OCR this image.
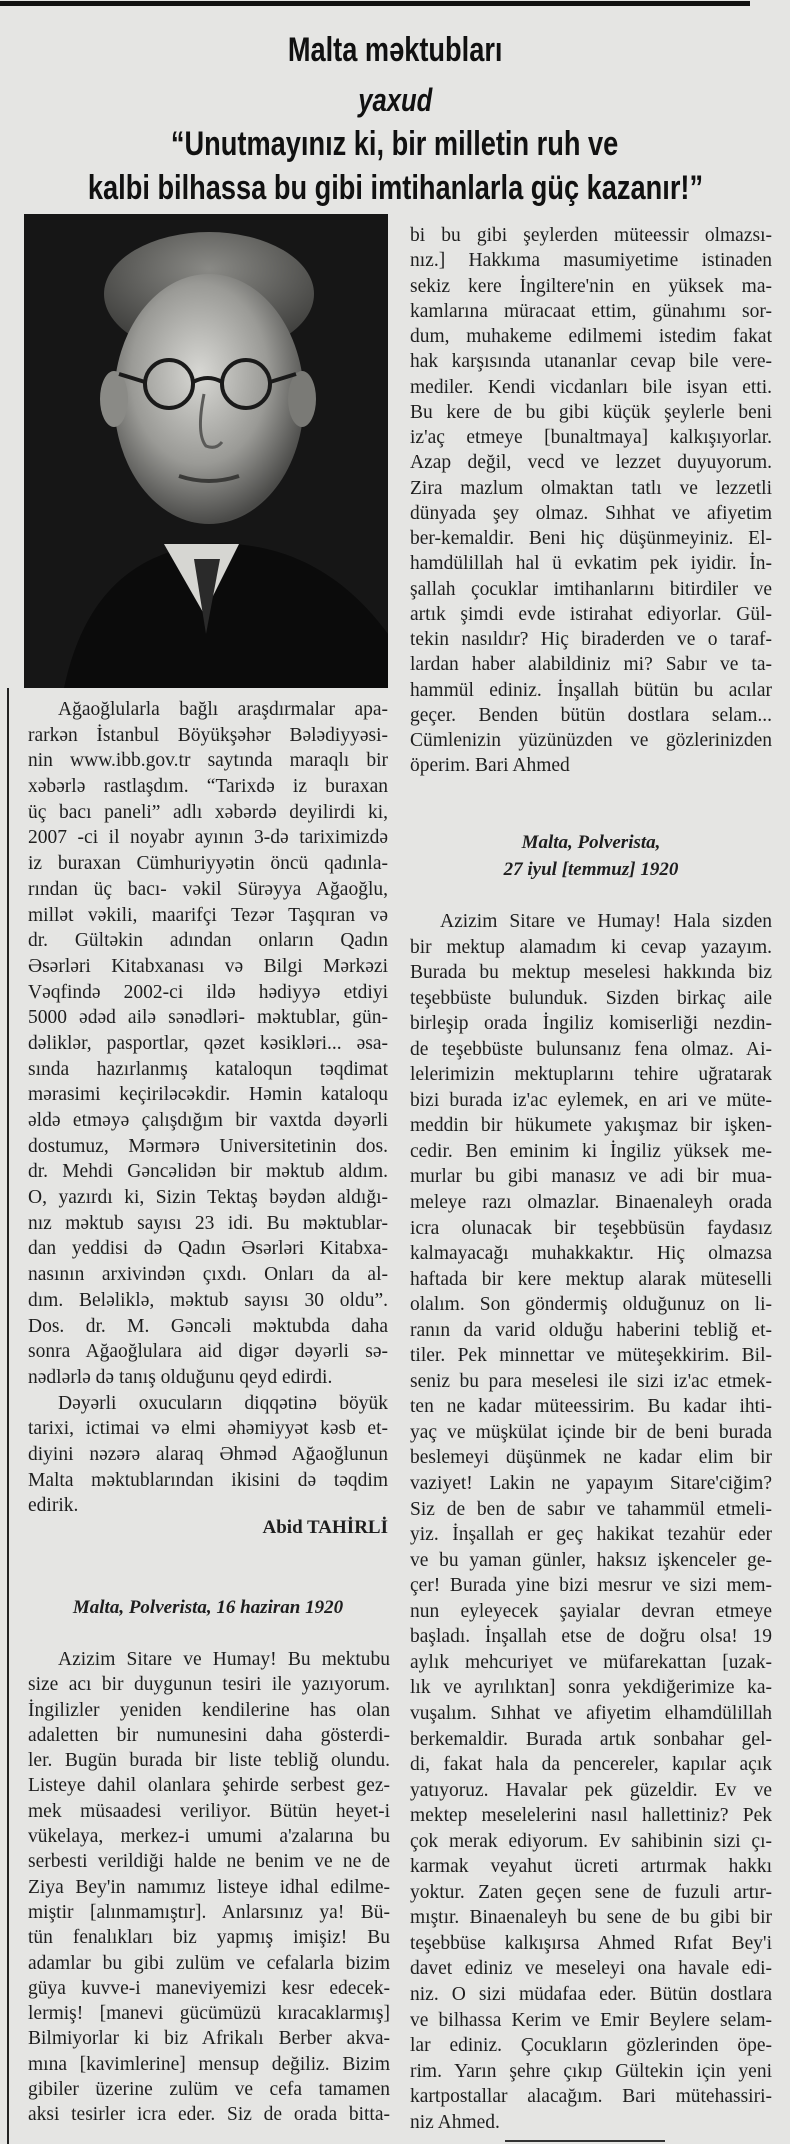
Malta məktubları
yaxud
“Unutmayınız ki, bir milletin ruh ve
kalbi bilhassa bu gibi imtihanlarla güç kazanır!”
Ağaoğlularla bağlı araşdırmalar apa-
rarkən İstanbul Böyükşəhər Bələdiyyəsi-
nin www.ibb.gov.tr saytında maraqlı bir
xəbərlə rastlaşdım. “Tarixdə iz buraxan
üç bacı paneli” adlı xəbərdə deyilirdi ki,
2007 -ci il noyabr ayının 3-də tariximizdə
iz buraxan Cümhuriyyətin öncü qadınla-
rından üç bacı- vəkil Sürəyya Ağaoğlu,
millət vəkili, maarifçi Tezər Taşqıran və
dr. Gültəkin adından onların Qadın
Əsərləri Kitabxanası və Bilgi Mərkəzi
Vəqfində 2002-ci ildə hədiyyə etdiyi
5000 ədəd ailə sənədləri- məktublar, gün-
dəliklər, pasportlar, qəzet kəsikləri... əsa-
sında hazırlanmış kataloqun təqdimat
mərasimi keçiriləcəkdir. Həmin kataloqu
əldə etməyə çalışdığım bir vaxtda dəyərli
dostumuz, Mərmərə Universitetinin dos.
dr. Mehdi Gəncəlidən bir məktub aldım.
O, yazırdı ki, Sizin Tektaş bəydən aldığı-
nız məktub sayısı 23 idi. Bu məktublar-
dan yeddisi də Qadın Əsərləri Kitabxa-
nasının arxivindən çıxdı. Onları da al-
dım. Beləliklə, məktub sayısı 30 oldu”.
Dos. dr. M. Gəncəli məktubda daha
sonra Ağaoğlulara aid digər dəyərli sə-
nədlərlə də tanış olduğunu qeyd edirdi.
Dəyərli oxucuların diqqətinə böyük
tarixi, ictimai və elmi əhəmiyyət kəsb et-
diyini nəzərə alaraq Əhməd Ağaoğlunun
Malta məktublarından ikisini də təqdim
edirik.
Abid TAHİRLİ
Malta, Polverista, 16 haziran 1920
Azizim Sitare ve Humay! Bu mektubu
size acı bir duygunun tesiri ile yazıyorum.
İngilizler yeniden kendilerine has olan
adaletten bir numunesini daha gösterdi-
ler. Bugün burada bir liste tebliğ olundu.
Listeye dahil olanlara şehirde serbest gez-
mek müsaadesi veriliyor. Bütün heyet-i
vükelaya, merkez-i umumi a'zalarına bu
serbesti verildiği halde ne benim ve ne de
Ziya Bey'in namımız listeye idhal edilme-
miştir [alınmamıştır]. Anlarsınız ya! Bü-
tün fenalıkları biz yapmış imişiz! Bu
adamlar bu gibi zulüm ve cefalarla bizim
güya kuvve-i maneviyemizi kesr edecek-
lermiş! [manevi gücümüzü kıracaklarmış]
Bilmiyorlar ki biz Afrikalı Berber akva-
mına [kavimlerine] mensup değiliz. Bizim
gibiler üzerine zulüm ve cefa tamamen
aksi tesirler icra eder. Siz de orada bitta-
bi bu gibi şeylerden müteessir olmazsı-
nız.] Hakkıma masumiyetime istinaden
sekiz kere İngiltere'nin en yüksek ma-
kamlarına müracaat ettim, günahımı sor-
dum, muhakeme edilmemi istedim fakat
hak karşısında utananlar cevap bile vere-
mediler. Kendi vicdanları bile isyan etti.
Bu kere de bu gibi küçük şeylerle beni
iz'aç etmeye [bunaltmaya] kalkışıyorlar.
Azap değil, vecd ve lezzet duyuyorum.
Zira mazlum olmaktan tatlı ve lezzetli
dünyada şey olmaz. Sıhhat ve afiyetim
ber-kemaldir. Beni hiç düşünmeyiniz. El-
hamdülillah hal ü evkatim pek iyidir. İn-
şallah çocuklar imtihanlarını bitirdiler ve
artık şimdi evde istirahat ediyorlar. Gül-
tekin nasıldır? Hiç biraderden ve o taraf-
lardan haber alabildiniz mi? Sabır ve ta-
hammül ediniz. İnşallah bütün bu acılar
geçer. Benden bütün dostlara selam...
Cümlenizin yüzünüzden ve gözlerinizden
öperim. Bari Ahmed
Malta, Polverista,
27 iyul [temmuz] 1920
Azizim Sitare ve Humay! Hala sizden
bir mektup alamadım ki cevap yazayım.
Burada bu mektup meselesi hakkında biz
teşebbüste bulunduk. Sizden birkaç aile
birleşip orada İngiliz komiserliği nezdin-
de teşebbüste bulunsanız fena olmaz. Ai-
lelerimizin mektuplarını tehire uğratarak
bizi burada iz'ac eylemek, en ari ve müte-
meddin bir hükumete yakışmaz bir işken-
cedir. Ben eminim ki İngiliz yüksek me-
murlar bu gibi manasız ve adi bir mua-
meleye razı olmazlar. Binaenaleyh orada
icra olunacak bir teşebbüsün faydasız
kalmayacağı muhakkaktır. Hiç olmazsa
haftada bir kere mektup alarak müteselli
olalım. Son göndermiş olduğunuz on li-
ranın da varid olduğu haberini tebliğ et-
tiler. Pek minnettar ve müteşekkirim. Bil-
seniz bu para meselesi ile sizi iz'ac etmek-
ten ne kadar müteessirim. Bu kadar ihti-
yaç ve müşkülat içinde bir de beni burada
beslemeyi düşünmek ne kadar elim bir
vaziyet! Lakin ne yapayım Sitare'ciğim?
Siz de ben de sabır ve tahammül etmeli-
yiz. İnşallah er geç hakikat tezahür eder
ve bu yaman günler, haksız işkenceler ge-
çer! Burada yine bizi mesrur ve sizi mem-
nun eyleyecek şayialar devran etmeye
başladı. İnşallah etse de doğru olsa! 19
aylık mehcuriyet ve müfarekattan [uzak-
lık ve ayrılıktan] sonra yekdiğerimize ka-
vuşalım. Sıhhat ve afiyetim elhamdülillah
berkemaldir. Burada artık sonbahar gel-
di, fakat hala da pencereler, kapılar açık
yatıyoruz. Havalar pek güzeldir. Ev ve
mektep meselelerini nasıl hallettiniz? Pek
çok merak ediyorum. Ev sahibinin sizi çı-
karmak veyahut ücreti artırmak hakkı
yoktur. Zaten geçen sene de fuzuli artır-
mıştır. Binaenaleyh bu sene de bu gibi bir
teşebbüse kalkışırsa Ahmed Rıfat Bey'i
davet ediniz ve meseleyi ona havale edi-
niz. O sizi müdafaa eder. Bütün dostlara
ve bilhassa Kerim ve Emir Beylere selam-
lar ediniz. Çocukların gözlerinden öpe-
rim. Yarın şehre çıkıp Gültekin için yeni
kartpostallar alacağım. Bari mütehassiri-
niz Ahmed.
